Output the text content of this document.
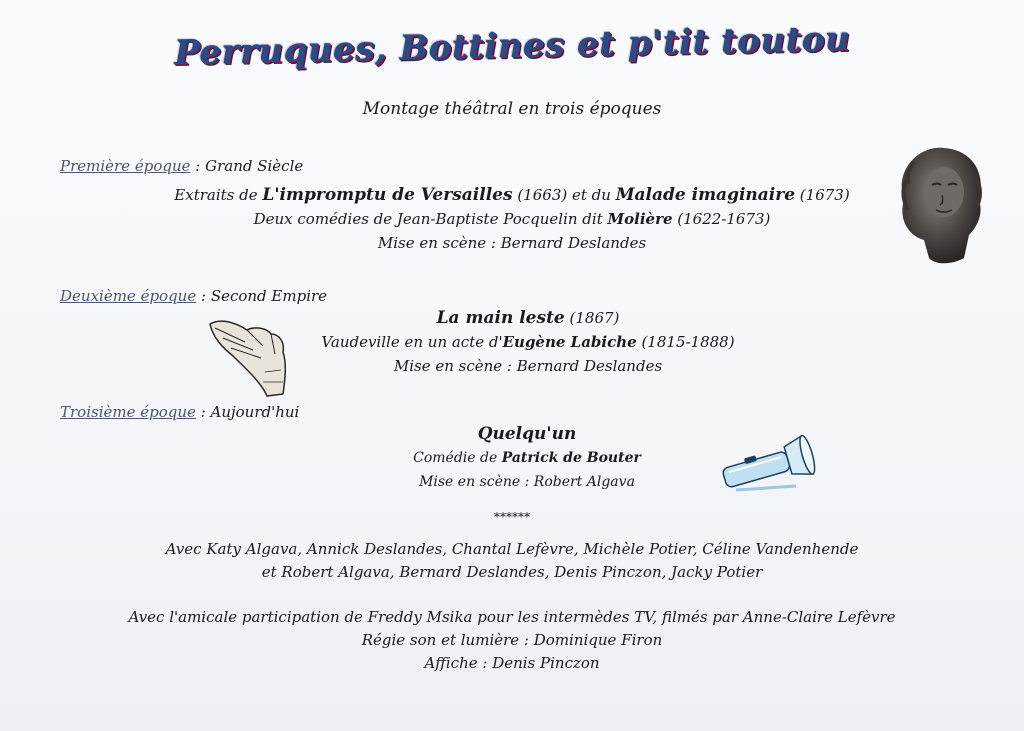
Perruques, Bottines et p'tit toutou
Montage théâtral en trois époques
Première époque : Grand Siècle
Extraits de L'impromptu de Versailles (1663) et du Malade imaginaire (1673)
Deux comédies de Jean-Baptiste Pocquelin dit Molière (1622-1673)
Mise en scène : Bernard Deslandes
Deuxième époque : Second Empire
La main leste (1867)
Vaudeville en un acte d'Eugène Labiche (1815-1888)
Mise en scène : Bernard Deslandes
Troisième époque : Aujourd'hui
Quelqu'un
Comédie de Patrick de Bouter
Mise en scène : Robert Algava
******
Avec Katy Algava, Annick Deslandes, Chantal Lefèvre, Michèle Potier, Céline Vandenhende
et Robert Algava, Bernard Deslandes, Denis Pinczon, Jacky Potier
Avec l'amicale participation de Freddy Msika pour les intermèdes TV, filmés par Anne-Claire Lefèvre
Régie son et lumière : Dominique Firon
Affiche : Denis Pinczon
